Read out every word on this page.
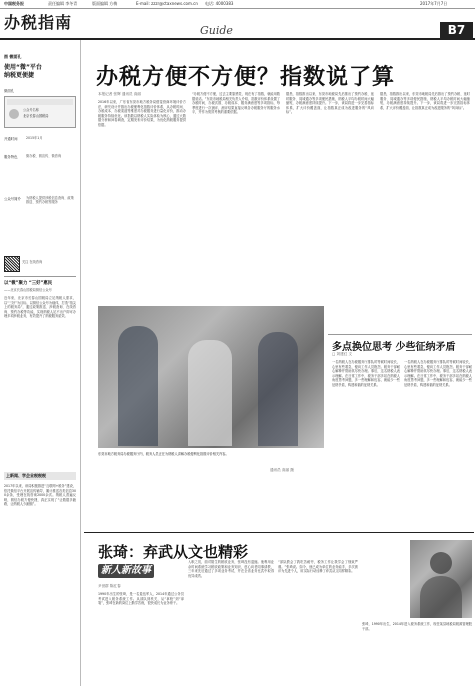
中国税务报	责任编辑 李冬青	版面编辑 方梅	E-mail: zzzr@ctaxnews.com.cn 电话: 4000383	2017年7月7日
办税指南	Guide	B7
图 微面孔
使用“微”平台
纳税更便捷
微面孔
公众号名称
北京长春山国税局
开通时间	2015年1月
服务特色	微办税、微宣传、微咨询
公众号简介 为纳税人提供涉税信息查询、政策推送、预约办税等服务
关注 在线咨询
以“微”聚力 “三好”惠民
——北京长春山国税局微信公众号
近年来，北京市长春山国税局立足纳税人需求，以“三好”为目标，以微信公众号为载体，打造“指尖上的税务局”，通过政策推送、涉税查询、在线咨询、预约办税等功能，实现纳税人足不出户即可办理多项涉税业务，有效提升了纳税服务质效。
上新闻、学企业税税税
2017年以来，该局积极推进“互联网+税务”建设，依托微信平台开展宣传辅导，累计推送各类信息300余条，受理在线咨询2000余次。纳税人普遍反映，微信办税方便快捷，真正实现了“让数据多跑路，让纳税人少跑腿”。
办税方便不方便？指数说了算
本报记者 张辉 通讯员 高丽
2016年以来，广东省东莞市地方税务局借鉴营商环境评价方法，研究设计并推出办税便利化指数评价体系，从办税时间、办税成本、办税渠道等维度对办税服务进行量化评价，推动办税服务持续优化。该指数以纳税人实际体验为核心，通过大数据分析和问卷调查，定期发布评价结果，为优化纳税服务提供依据。
“办税方便不方便，过去主要靠感觉，现在有了指数，就能用数据说话。”东莞市地税局相关负责人介绍，指数评价体系设置了办税时间、办税次数、办税成本、服务满意度等多项指标，每季度进行一次测评，测评结果直接反映各办税服务厅的服务水平，并作为绩效考核的重要依据。
据悉，指数推出以来，东莞市地税局先后推出了预约办税、延时服务、同城通办等多项便民措施，纳税人平均办税时间大幅缩短，办税满意度持续提升。下一步，该局将进一步完善指标体系，扩大评价覆盖面，让指数真正成为改进服务的“风向标”。
据悉，指数推出以来，东莞市地税局先后推出了预约办税、延时服务、同城通办等多项便民措施，纳税人平均办税时间大幅缩短，办税满意度持续提升。下一步，该局将进一步完善指标体系，扩大评价覆盖面，让指数真正成为改进服务的“风向标”。
东莞市地方税务局办税服务厅内，税务人员正在为纳税人讲解办税便利化指数评价相关内容。
通讯员 高丽 摄
多点换位思考 少些征纳矛盾
□ 刘建红 文
一名纳税人在办税服务厅排队时等候时间较长，心里有些着急，便向工作人员抱怨。税务干部耐心解释并帮助其尽快办理。事后，这名纳税人表示理解。在日常工作中，税务干部多站在纳税人角度思考问题，多一些理解和包容，就能少一些征纳矛盾，构建和谐的征纳关系。
一名纳税人在办税服务厅排队时等候时间较长，心里有些着急，便向工作人员抱怨。税务干部耐心解释并帮助其尽快办理。事后，这名纳税人表示理解。在日常工作中，税务干部多站在纳税人角度思考问题，多一些理解和包容，就能少一些征纳矛盾，构建和谐的征纳关系。
张琦：弃武从文也精彩
新人新故事
尹世群 陈红春
1990年出生的张琦，是一名退伍军人，2014年通过公务员考试进入税务系统工作。从部队到机关，从“拿枪”到“拿笔”，张琦在新的岗位上勤学苦练，很快成长为业务骨干。
入职之初，面对陌生的税收业务，张琦没有退缩。他利用业余时间系统学习税收政策和业务知识，虚心向老同事请教，三年来先后通过了多项业务考试，并在全省业务比武中取得优异成绩。
“部队教会了我吃苦耐劳，税务工作让我学会了细致严谨。”张琦说。如今，他已成为单位的业务能手，多次被评为先进个人，用实际行动诠释了弃武从文同样精彩。
张琦，1990年出生，2014年进入税务系统工作，现任某县地税局税源管理股干部。
